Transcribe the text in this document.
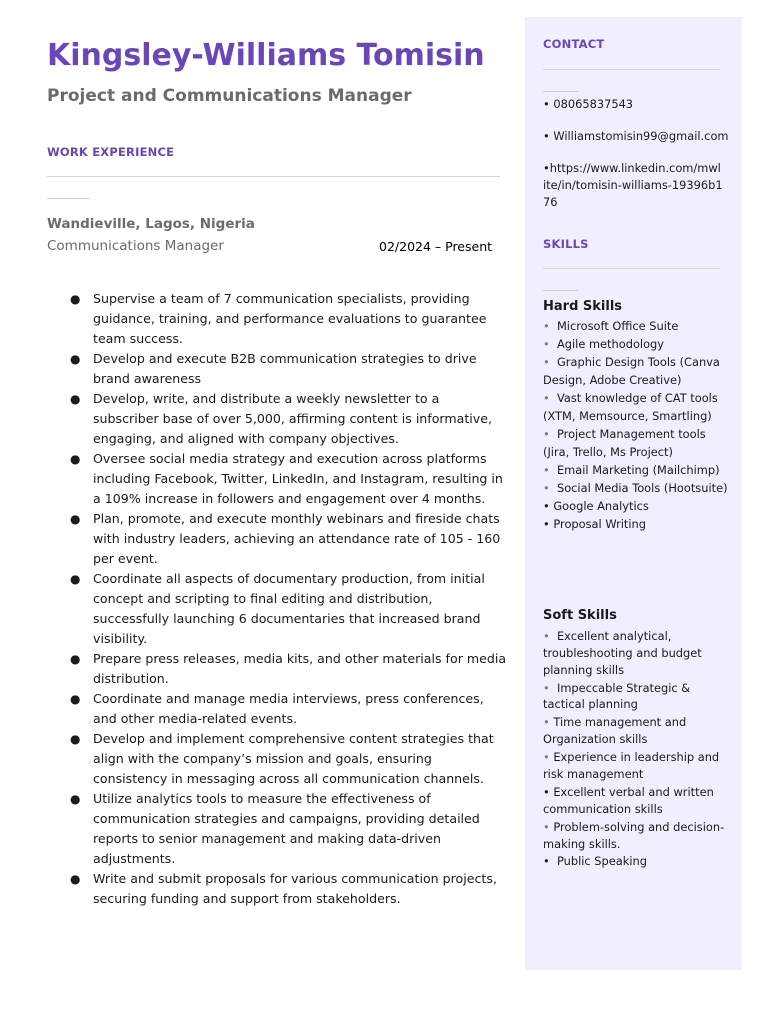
Kingsley-Williams Tomisin
Project and Communications Manager
WORK EXPERIENCE
Wandieville, Lagos, Nigeria
Communications Manager	02/2024 – Present
● Supervise a team of 7 communication specialists, providing guidance, training, and performance evaluations to guarantee team success.
● Develop and execute B2B communication strategies to drive brand awareness
● Develop, write, and distribute a weekly newsletter to a subscriber base of over 5,000, affirming content is informative, engaging, and aligned with company objectives.
● Oversee social media strategy and execution across platforms including Facebook, Twitter, LinkedIn, and Instagram, resulting in a 109% increase in followers and engagement over 4 months.
● Plan, promote, and execute monthly webinars and fireside chats with industry leaders, achieving an attendance rate of 105 - 160 per event.
● Coordinate all aspects of documentary production, from initial concept and scripting to final editing and distribution, successfully launching 6 documentaries that increased brand visibility.
● Prepare press releases, media kits, and other materials for media distribution.
● Coordinate and manage media interviews, press conferences, and other media-related events.
● Develop and implement comprehensive content strategies that align with the company’s mission and goals, ensuring consistency in messaging across all communication channels.
● Utilize analytics tools to measure the effectiveness of communication strategies and campaigns, providing detailed reports to senior management and making data-driven adjustments.
● Write and submit proposals for various communication projects, securing funding and support from stakeholders.
CONTACT
• 08065837543
• Williamstomisin99@gmail.com
•https://www.linkedin.com/mwlite/in/tomisin-williams-19396b176
SKILLS
Hard Skills
•  Microsoft Office Suite
•  Agile methodology
•  Graphic Design Tools (Canva Design, Adobe Creative)
•  Vast knowledge of CAT tools (XTM, Memsource, Smartling)
•  Project Management tools (Jira, Trello, Ms Project)
•  Email Marketing (Mailchimp)
•  Social Media Tools (Hootsuite)
• Google Analytics
• Proposal Writing
Soft Skills
•  Excellent analytical, troubleshooting and budget planning skills
•  Impeccable Strategic & tactical planning
• Time management and Organization skills
• Experience in leadership and risk management
• Excellent verbal and written communication skills
• Problem-solving and decision-making skills.
•  Public Speaking
